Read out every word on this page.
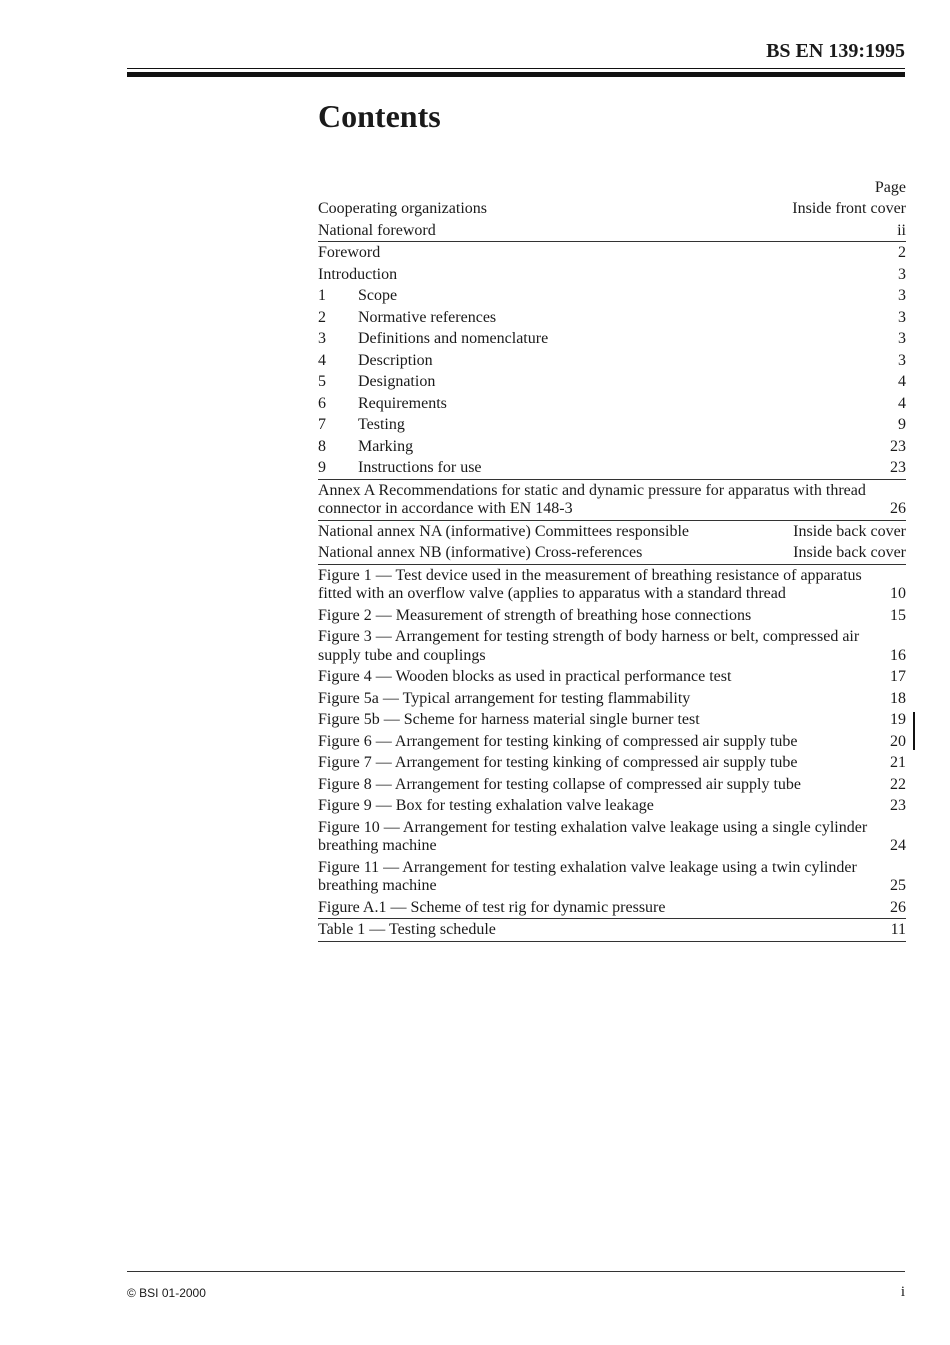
BS EN 139:1995
Contents
Page
Cooperating organizations	Inside front cover
National foreword	ii
Foreword	2
Introduction	3
1	Scope	3
2	Normative references	3
3	Definitions and nomenclature	3
4	Description	3
5	Designation	4
6	Requirements	4
7	Testing	9
8	Marking	23
9	Instructions for use	23
Annex A Recommendations for static and dynamic pressure for apparatus with thread connector in accordance with EN 148-3	26
National annex NA (informative) Committees responsible	Inside back cover
National annex NB (informative) Cross-references	Inside back cover
Figure 1 — Test device used in the measurement of breathing resistance of apparatus fitted with an overflow valve (applies to apparatus with a standard thread	10
Figure 2 — Measurement of strength of breathing hose connections	15
Figure 3 — Arrangement for testing strength of body harness or belt, compressed air supply tube and couplings	16
Figure 4 — Wooden blocks as used in practical performance test	17
Figure 5a — Typical arrangement for testing flammability	18
Figure 5b — Scheme for harness material single burner test	19
Figure 6 — Arrangement for testing kinking of compressed air supply tube	20
Figure 7 — Arrangement for testing kinking of compressed air supply tube	21
Figure 8 — Arrangement for testing collapse of compressed air supply tube	22
Figure 9 — Box for testing exhalation valve leakage	23
Figure 10 — Arrangement for testing exhalation valve leakage using a single cylinder breathing machine	24
Figure 11 — Arrangement for testing exhalation valve leakage using a twin cylinder breathing machine	25
Figure A.1 — Scheme of test rig for dynamic pressure	26
Table 1 — Testing schedule	11
© BSI 01-2000	i
